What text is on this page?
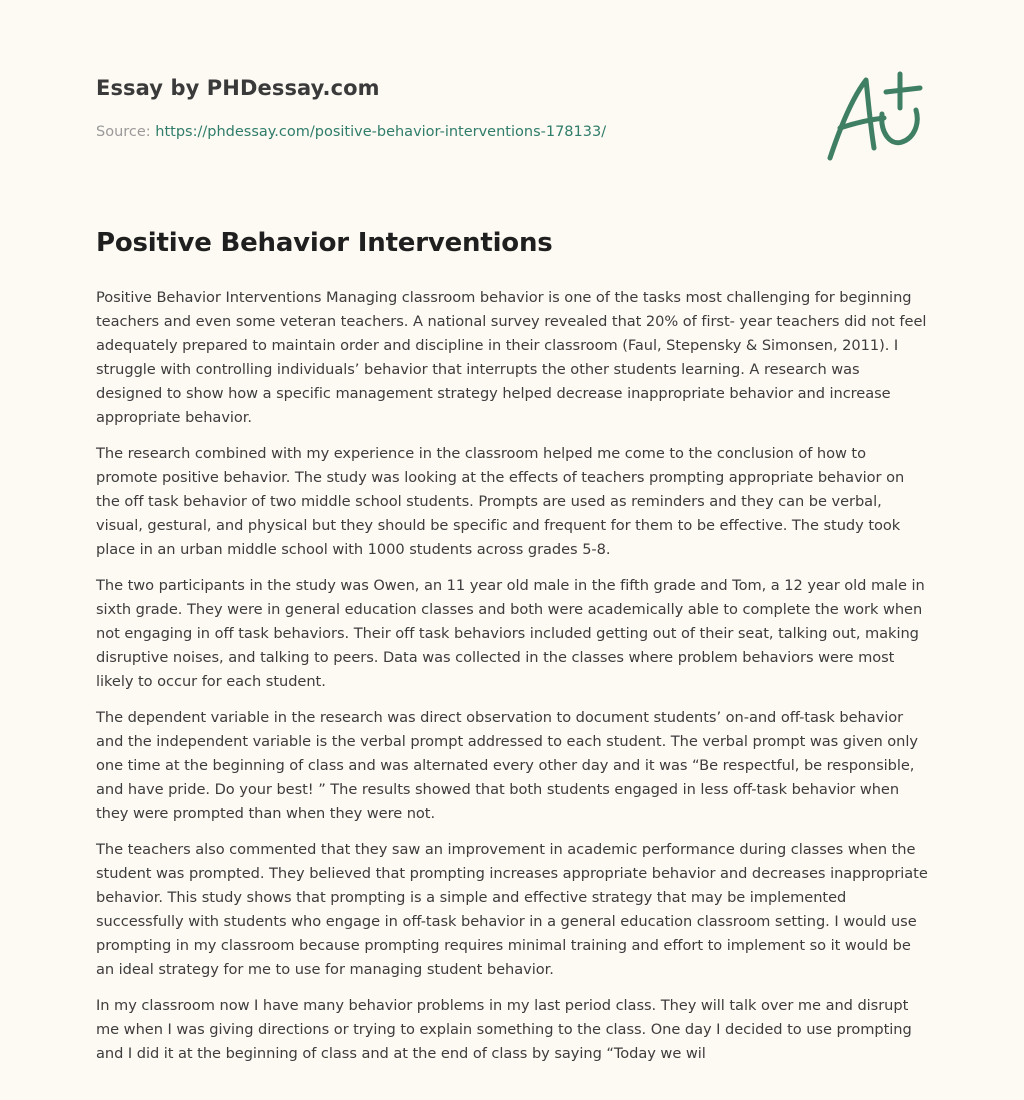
Essay by PHDessay.com
Source: https://phdessay.com/positive-behavior-interventions-178133/
Positive Behavior Interventions

Positive Behavior Interventions Managing classroom behavior is one of the tasks most challenging for beginning teachers and even some veteran teachers. A national survey revealed that 20% of first- year teachers did not feel adequately prepared to maintain order and discipline in their classroom (Faul, Stepensky & Simonsen, 2011). I struggle with controlling individuals’ behavior that interrupts the other students learning. A research was designed to show how a specific management strategy helped decrease inappropriate behavior and increase appropriate behavior.

The research combined with my experience in the classroom helped me come to the conclusion of how to promote positive behavior. The study was looking at the effects of teachers prompting appropriate behavior on the off task behavior of two middle school students. Prompts are used as reminders and they can be verbal, visual, gestural, and physical but they should be specific and frequent for them to be effective. The study took place in an urban middle school with 1000 students across grades 5-8.

The two participants in the study was Owen, an 11 year old male in the fifth grade and Tom, a 12 year old male in sixth grade. They were in general education classes and both were academically able to complete the work when not engaging in off task behaviors. Their off task behaviors included getting out of their seat, talking out, making disruptive noises, and talking to peers. Data was collected in the classes where problem behaviors were most likely to occur for each student.

The dependent variable in the research was direct observation to document students’ on-and off-task behavior and the independent variable is the verbal prompt addressed to each student. The verbal prompt was given only one time at the beginning of class and was alternated every other day and it was “Be respectful, be responsible, and have pride. Do your best! ” The results showed that both students engaged in less off-task behavior when they were prompted than when they were not.

The teachers also commented that they saw an improvement in academic performance during classes when the student was prompted. They believed that prompting increases appropriate behavior and decreases inappropriate behavior. This study shows that prompting is a simple and effective strategy that may be implemented successfully with students who engage in off-task behavior in a general education classroom setting. I would use prompting in my classroom because prompting requires minimal training and effort to implement so it would be an ideal strategy for me to use for managing student behavior.

In my classroom now I have many behavior problems in my last period class. They will talk over me and disrupt me when I was giving directions or trying to explain something to the class. One day I decided to use prompting and I did it at the beginning of class and at the end of class by saying “Today we wil
